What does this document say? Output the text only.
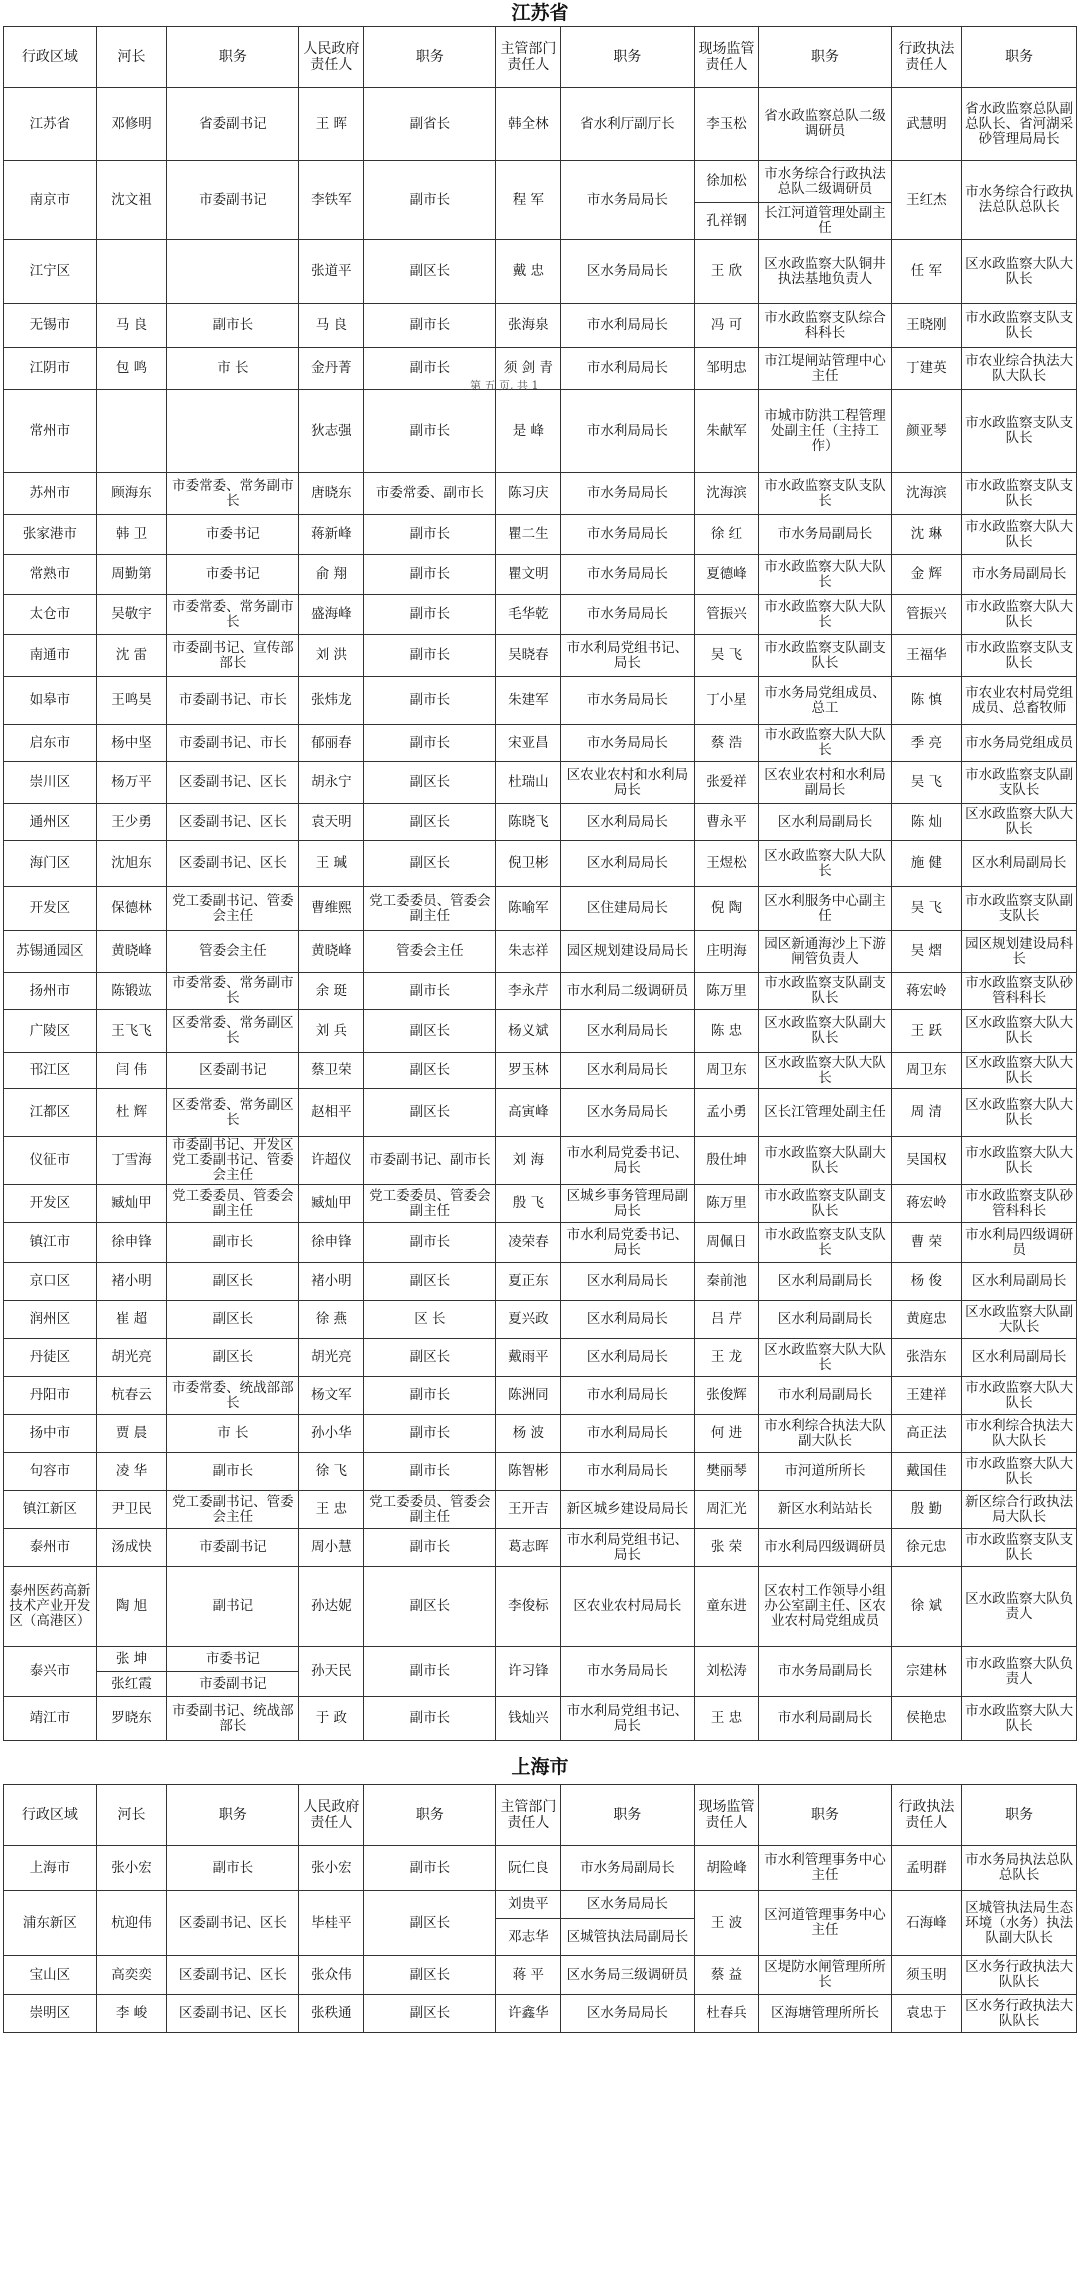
江苏省
行政区域	河长	职务	人民政府责任人	职务	主管部门责任人	职务	现场监管责任人	职务	行政执法责任人	职务
江苏省	邓修明	省委副书记	王 晖	副省长	韩全林	省水利厅副厅长	李玉松	省水政监察总队二级调研员	武慧明	省水政监察总队副总队长、省河湖采砂管理局局长
南京市	沈文祖	市委副书记	李铁军	副市长	程 军	市水务局局长	徐加松	市水务综合行政执法总队二级调研员	王红杰	市水务综合行政执法总队总队长
							孔祥钢	长江河道管理处副主任		
江宁区			张道平	副区长	戴 忠	区水务局局长	王 欣	区水政监察大队铜井执法基地负责人	任 军	区水政监察大队大队长
无锡市	马 良	副市长	马 良	副市长	张海泉	市水利局局长	冯 可	市水政监察支队综合科科长	王晓刚	市水政监察支队支队长
江阴市	包 鸣	市 长	金丹菁	副市长	须 剑 青	市水利局局长	邹明忠	市江堤闸站管理中心主任	丁建英	市农业综合执法大队大队长
常州市			狄志强	副市长	是 峰	市水利局局长	朱献军	市城市防洪工程管理处副主任（主持工作）	颜亚琴	市水政监察支队支队长
苏州市	顾海东	市委常委、常务副市长	唐晓东	市委常委、副市长	陈习庆	市水务局局长	沈海滨	市水政监察支队支队长	沈海滨	市水政监察支队支队长
张家港市	韩 卫	市委书记	蒋新峰	副市长	瞿二生	市水务局局长	徐 红	市水务局副局长	沈 琳	市水政监察大队大队长
常熟市	周勤第	市委书记	俞 翔	副市长	瞿文明	市水务局局长	夏德峰	市水政监察大队大队长	金 辉	市水务局副局长
太仓市	吴敬宇	市委常委、常务副市长	盛海峰	副市长	毛华乾	市水务局局长	管振兴	市水政监察大队大队长	管振兴	市水政监察大队大队长
南通市	沈 雷	市委副书记、宣传部部长	刘 洪	副市长	吴晓春	市水利局党组书记、局长	吴 飞	市水政监察支队副支队长	王福华	市水政监察支队支队长
如皋市	王鸣昊	市委副书记、市长	张炜龙	副市长	朱建军	市水务局局长	丁小星	市水务局党组成员、总工	陈 慎	市农业农村局党组成员、总畜牧师
启东市	杨中坚	市委副书记、市长	郁丽春	副市长	宋亚昌	市水务局局长	蔡 浩	市水政监察大队大队长	季 亮	市水务局党组成员
崇川区	杨万平	区委副书记、区长	胡永宁	副区长	杜瑞山	区农业农村和水利局局长	张爱祥	区农业农村和水利局副局长	吴 飞	市水政监察支队副支队长
通州区	王少勇	区委副书记、区长	袁天明	副区长	陈晓飞	区水利局局长	曹永平	区水利局副局长	陈 灿	区水政监察大队大队长
海门区	沈旭东	区委副书记、区长	王 瑊	副区长	倪卫彬	区水利局局长	王煜松	区水政监察大队大队长	施 健	区水利局副局长
开发区	保德林	党工委副书记、管委会主任	曹维熙	党工委委员、管委会副主任	陈喻军	区住建局局长	倪 陶	区水利服务中心副主任	吴 飞	市水政监察支队副支队长
苏锡通园区	黄晓峰	管委会主任	黄晓峰	管委会主任	朱志祥	园区规划建设局局长	庄明海	园区新通海沙上下游闸管负责人	吴 熠	园区规划建设局科长
扬州市	陈锻竑	市委常委、常务副市长	余 珽	副市长	李永芹	市水利局二级调研员	陈万里	市水政监察支队副支队长	蒋宏岭	市水政监察支队砂管科科长
广陵区	王飞飞	区委常委、常务副区长	刘 兵	副区长	杨义斌	区水利局局长	陈 忠	区水政监察大队副大队长	王 跃	区水政监察大队大队长
邗江区	闫 伟	区委副书记	蔡卫荣	副区长	罗玉林	区水利局局长	周卫东	区水政监察大队大队长	周卫东	区水政监察大队大队长
江都区	杜 辉	区委常委、常务副区长	赵相平	副区长	高寅峰	区水务局局长	孟小勇	区长江管理处副主任	周 清	区水政监察大队大队长
仪征市	丁雪海	市委副书记、开发区党工委副书记、管委会主任	许超仪	市委副书记、副市长	刘 海	市水利局党委书记、局长	殷仕坤	市水政监察大队副大队长	吴国权	市水政监察大队大队长
开发区	臧灿甲	党工委委员、管委会副主任	臧灿甲	党工委委员、管委会副主任	殷 飞	区城乡事务管理局副局长	陈万里	市水政监察支队副支队长	蒋宏岭	市水政监察支队砂管科科长
镇江市	徐申锋	副市长	徐申锋	副市长	凌荣春	市水利局党委书记、局长	周佩日	市水政监察支队支队长	曹 荣	市水利局四级调研员
京口区	褚小明	副区长	褚小明	副区长	夏正东	区水利局局长	秦前池	区水利局副局长	杨 俊	区水利局副局长
润州区	崔 超	副区长	徐 燕	区 长	夏兴政	区水利局局长	吕 芹	区水利局副局长	黄庭忠	区水政监察大队副大队长
丹徒区	胡光亮	副区长	胡光亮	副区长	戴雨平	区水利局局长	王 龙	区水政监察大队大队长	张浩东	区水利局副局长
丹阳市	杭春云	市委常委、统战部部长	杨文军	副市长	陈洲同	市水利局局长	张俊辉	市水利局副局长	王建祥	市水政监察大队大队长
扬中市	贾 晨	市 长	孙小华	副市长	杨 波	市水利局局长	何 进	市水利综合执法大队副大队长	高正法	市水利综合执法大队大队长
句容市	凌 华	副市长	徐 飞	副市长	陈智彬	市水利局局长	樊丽琴	市河道所所长	戴国佳	市水政监察大队大队长
镇江新区	尹卫民	党工委副书记、管委会主任	王 忠	党工委委员、管委会副主任	王开吉	新区城乡建设局局长	周汇光	新区水利站站长	殷 勤	新区综合行政执法局大队长
泰州市	汤成快	市委副书记	周小慧	副市长	葛志晖	市水利局党组书记、局长	张 荣	市水利局四级调研员	徐元忠	市水政监察支队支队长
泰州医药高新技术产业开发区（高港区）	陶 旭	副书记	孙达妮	副区长	李俊标	区农业农村局局长	童东进	区农村工作领导小组办公室副主任、区农业农村局党组成员	徐 斌	区水政监察大队负责人
泰兴市	张 坤	市委书记	孙天民	副市长	许习锋	市水务局局长	刘松涛	市水务局副局长	宗建林	市水政监察大队负责人
	张红霞	市委副书记								
靖江市	罗晓东	市委副书记、统战部部长	于 政	副市长	钱灿兴	市水利局党组书记、局长	王 忠	市水利局副局长	侯艳忠	市水政监察大队大队长
上海市
行政区域	河长	职务	人民政府责任人	职务	主管部门责任人	职务	现场监管责任人	职务	行政执法责任人	职务
上海市	张小宏	副市长	张小宏	副市长	阮仁良	市水务局副局长	胡险峰	市水利管理事务中心主任	孟明群	市水务局执法总队总队长
浦东新区	杭迎伟	区委副书记、区长	毕桂平	副区长	刘贵平	区水务局局长	王 波	区河道管理事务中心主任	石海峰	区城管执法局生态环境（水务）执法队副大队长
					邓志华	区城管执法局副局长				
宝山区	高奕奕	区委副书记、区长	张众伟	副区长	蒋 平	区水务局三级调研员	蔡 益	区堤防水闸管理所所长	须玉明	区水务行政执法大队队长
崇明区	李 峻	区委副书记、区长	张秩通	副区长	许鑫华	区水务局局长	杜春兵	区海塘管理所所长	袁忠于	区水务行政执法大队队长
第 五 页, 共 1
